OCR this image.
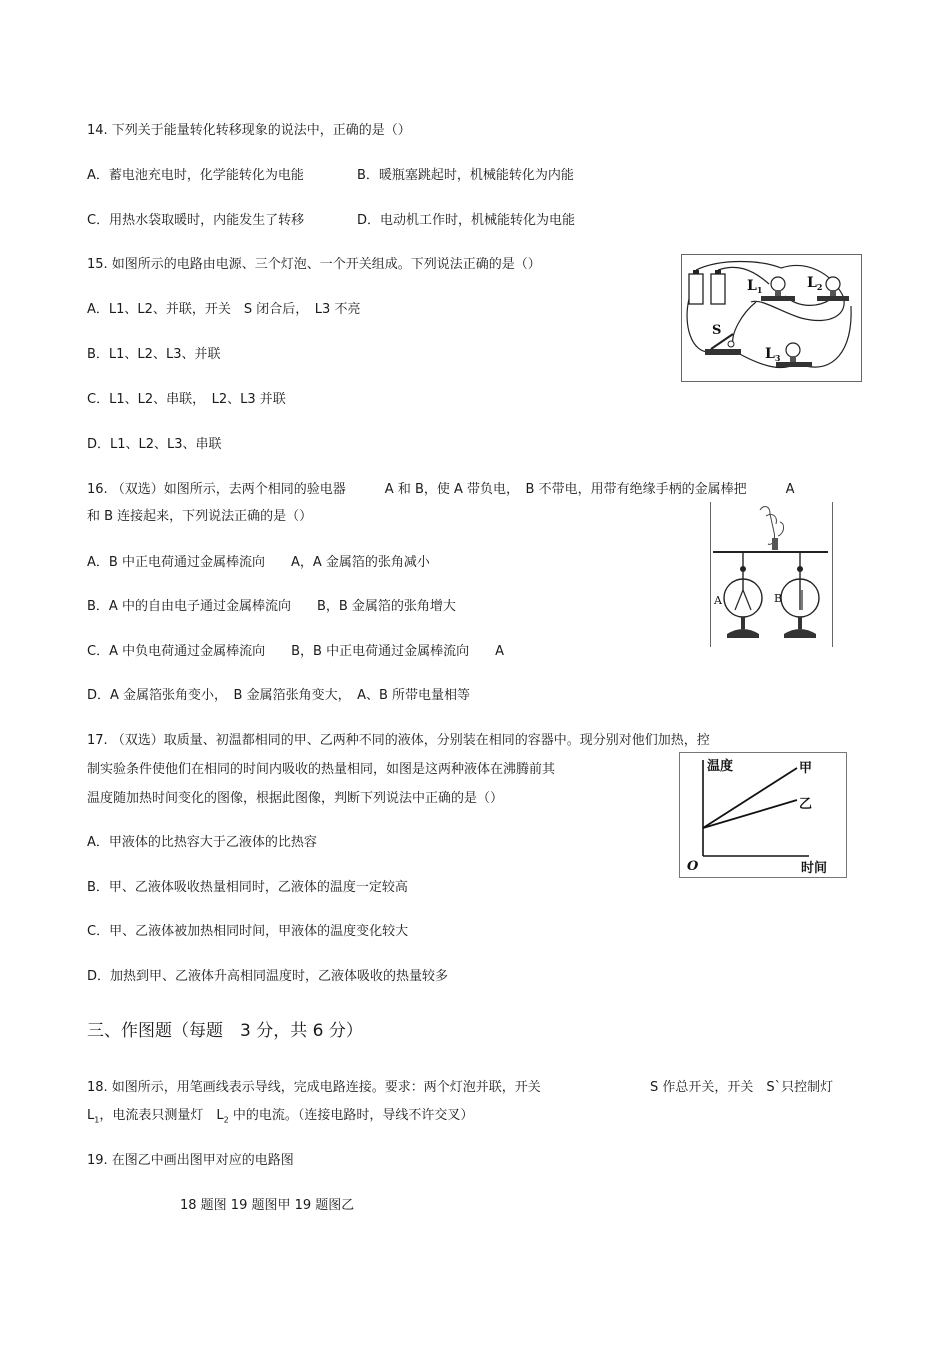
14. 下列关于能量转化转移现象的说法中，正确的是（）
A．蓄电池充电时，化学能转化为电能	B．暖瓶塞跳起时，机械能转化为内能
C．用热水袋取暖时，内能发生了转移	D．电动机工作时，机械能转化为电能
15. 如图所示的电路由电源、三个灯泡、一个开关组成。下列说法正确的是（）
A．L1、L2、并联，开关　S 闭合后，　L3 不亮
B．L1、L2、L3、并联
C．L1、L2、串联，　L2、L3 并联
D．L1、L2、L3、串联
$L_1$	$L_2$
$L_3$
S
16. （双选）如图所示，去两个相同的验电器　　　A 和 B，使 A 带负电，　B 不带电，用带有绝缘手柄的金属棒把　　　A
和 B 连接起来，下列说法正确的是（）
A．B 中正电荷通过金属棒流向　　A，A 金属箔的张角减小
B．A 中的自由电子通过金属棒流向　　B，B 金属箔的张角增大
C．A 中负电荷通过金属棒流向　　B，B 中正电荷通过金属棒流向　　A
D．A 金属箔张角变小，　B 金属箔张角变大，　A、B 所带电量相等
A	B
17. （双选）取质量、初温都相同的甲、乙两种不同的液体，分别装在相同的容器中。现分别对他们加热，控
制实验条件使他们在相同的时间内吸收的热量相同，如图是这两种液体在沸腾前其
温度随加热时间变化的图像，根据此图像，判断下列说法中正确的是（）
A．甲液体的比热容大于乙液体的比热容
B．甲、乙液体吸收热量相同时，乙液体的温度一定较高
C．甲、乙液体被加热相同时间，甲液体的温度变化较大
D．加热到甲、乙液体升高相同温度时，乙液体吸收的热量较多
温度
时间
O
甲
乙
三、作图题（每题　3 分，共 6 分）
18. 如图所示，用笔画线表示导线，完成电路连接。要求：两个灯泡并联，开关	S 作总开关，开关　S`只控制灯
$L_1$，电流表只测量灯　$L_2$ 中的电流。（连接电路时，导线不许交叉）
19. 在图乙中画出图甲对应的电路图
18 题图 19 题图甲 19 题图乙
